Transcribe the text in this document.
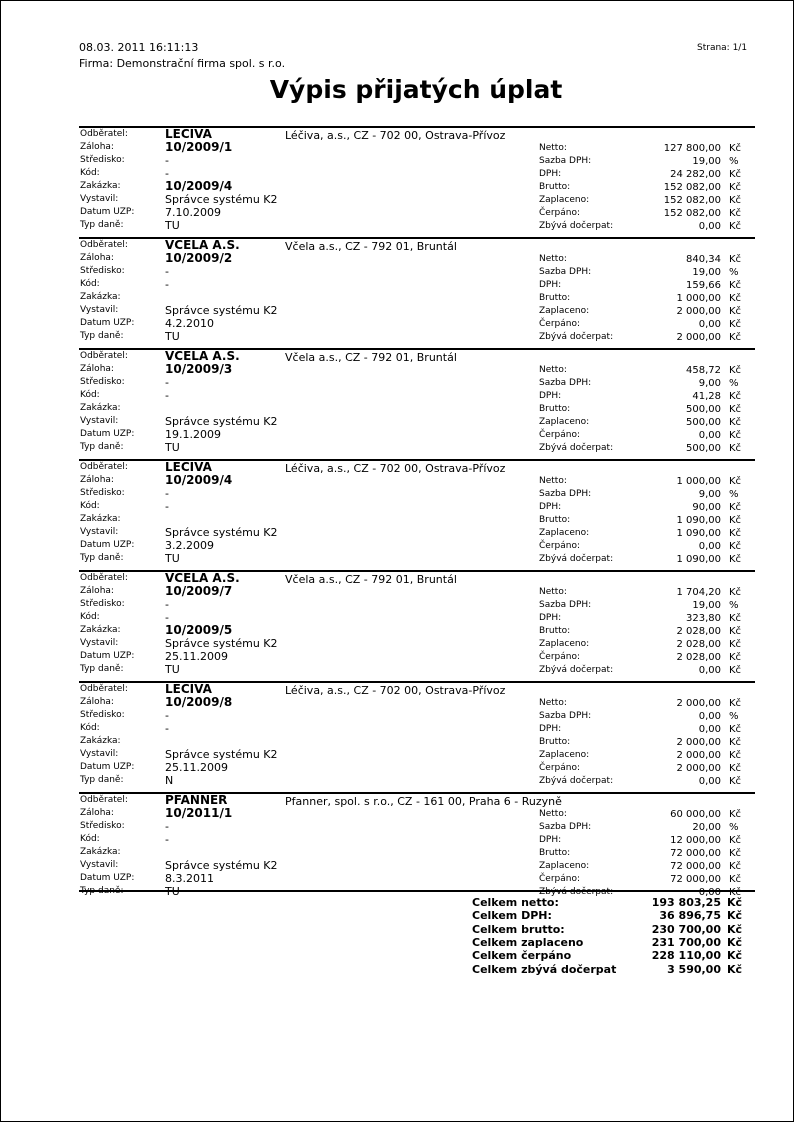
08.03. 2011 16:11:13
Firma: Demonstrační firma spol. s r.o.
Strana: 1/1
Výpis přijatých úplat
Odběratel:	LÉČIVA
Záloha:	10/2009/1
Středisko:	-
Kód:	-
Zakázka:	10/2009/4
Vystavil:	Správce systému K2
Datum UZP:	7.10.2009
Typ daně:	TU
Léčiva, a.s., CZ - 702 00, Ostrava-Přívoz
Netto:	127 800,00 Kč
Sazba DPH:	19,00 %
DPH:	24 282,00 Kč
Brutto:	152 082,00 Kč
Zaplaceno:	152 082,00 Kč
Čerpáno:	152 082,00 Kč
Zbývá dočerpat:	0,00 Kč
Odběratel:	VČELA A.S.
Záloha:	10/2009/2
Středisko:	-
Kód:	-
Zakázka:
Vystavil:	Správce systému K2
Datum UZP:	4.2.2010
Typ daně:	TU
Včela a.s., CZ - 792 01, Bruntál
Netto:	840,34 Kč
Sazba DPH:	19,00 %
DPH:	159,66 Kč
Brutto:	1 000,00 Kč
Zaplaceno:	2 000,00 Kč
Čerpáno:	0,00 Kč
Zbývá dočerpat:	2 000,00 Kč
Odběratel:	VČELA A.S.
Záloha:	10/2009/3
Středisko:	-
Kód:	-
Zakázka:
Vystavil:	Správce systému K2
Datum UZP:	19.1.2009
Typ daně:	TU
Včela a.s., CZ - 792 01, Bruntál
Netto:	458,72 Kč
Sazba DPH:	9,00 %
DPH:	41,28 Kč
Brutto:	500,00 Kč
Zaplaceno:	500,00 Kč
Čerpáno:	0,00 Kč
Zbývá dočerpat:	500,00 Kč
Odběratel:	LÉČIVA
Záloha:	10/2009/4
Středisko:	-
Kód:	-
Zakázka:
Vystavil:	Správce systému K2
Datum UZP:	3.2.2009
Typ daně:	TU
Léčiva, a.s., CZ - 702 00, Ostrava-Přívoz
Netto:	1 000,00 Kč
Sazba DPH:	9,00 %
DPH:	90,00 Kč
Brutto:	1 090,00 Kč
Zaplaceno:	1 090,00 Kč
Čerpáno:	0,00 Kč
Zbývá dočerpat:	1 090,00 Kč
Odběratel:	VČELA A.S.
Záloha:	10/2009/7
Středisko:	-
Kód:	-
Zakázka:	10/2009/5
Vystavil:	Správce systému K2
Datum UZP:	25.11.2009
Typ daně:	TU
Včela a.s., CZ - 792 01, Bruntál
Netto:	1 704,20 Kč
Sazba DPH:	19,00 %
DPH:	323,80 Kč
Brutto:	2 028,00 Kč
Zaplaceno:	2 028,00 Kč
Čerpáno:	2 028,00 Kč
Zbývá dočerpat:	0,00 Kč
Odběratel:	LÉČIVA
Záloha:	10/2009/8
Středisko:	-
Kód:	-
Zakázka:
Vystavil:	Správce systému K2
Datum UZP:	25.11.2009
Typ daně:	N
Léčiva, a.s., CZ - 702 00, Ostrava-Přívoz
Netto:	2 000,00 Kč
Sazba DPH:	0,00 %
DPH:	0,00 Kč
Brutto:	2 000,00 Kč
Zaplaceno:	2 000,00 Kč
Čerpáno:	2 000,00 Kč
Zbývá dočerpat:	0,00 Kč
Odběratel:	PFANNER
Záloha:	10/2011/1
Středisko:	-
Kód:	-
Zakázka:
Vystavil:	Správce systému K2
Datum UZP:	8.3.2011
Typ daně:	TU
Pfanner, spol. s r.o., CZ - 161 00, Praha 6 - Ruzyně
Netto:	60 000,00 Kč
Sazba DPH:	20,00 %
DPH:	12 000,00 Kč
Brutto:	72 000,00 Kč
Zaplaceno:	72 000,00 Kč
Čerpáno:	72 000,00 Kč
Zbývá dočerpat:	0,00 Kč
Celkem netto:	193 803,25 Kč
Celkem DPH:	36 896,75 Kč
Celkem brutto:	230 700,00 Kč
Celkem zaplaceno	231 700,00 Kč
Celkem čerpáno	228 110,00 Kč
Celkem zbývá dočerpat	3 590,00 Kč
